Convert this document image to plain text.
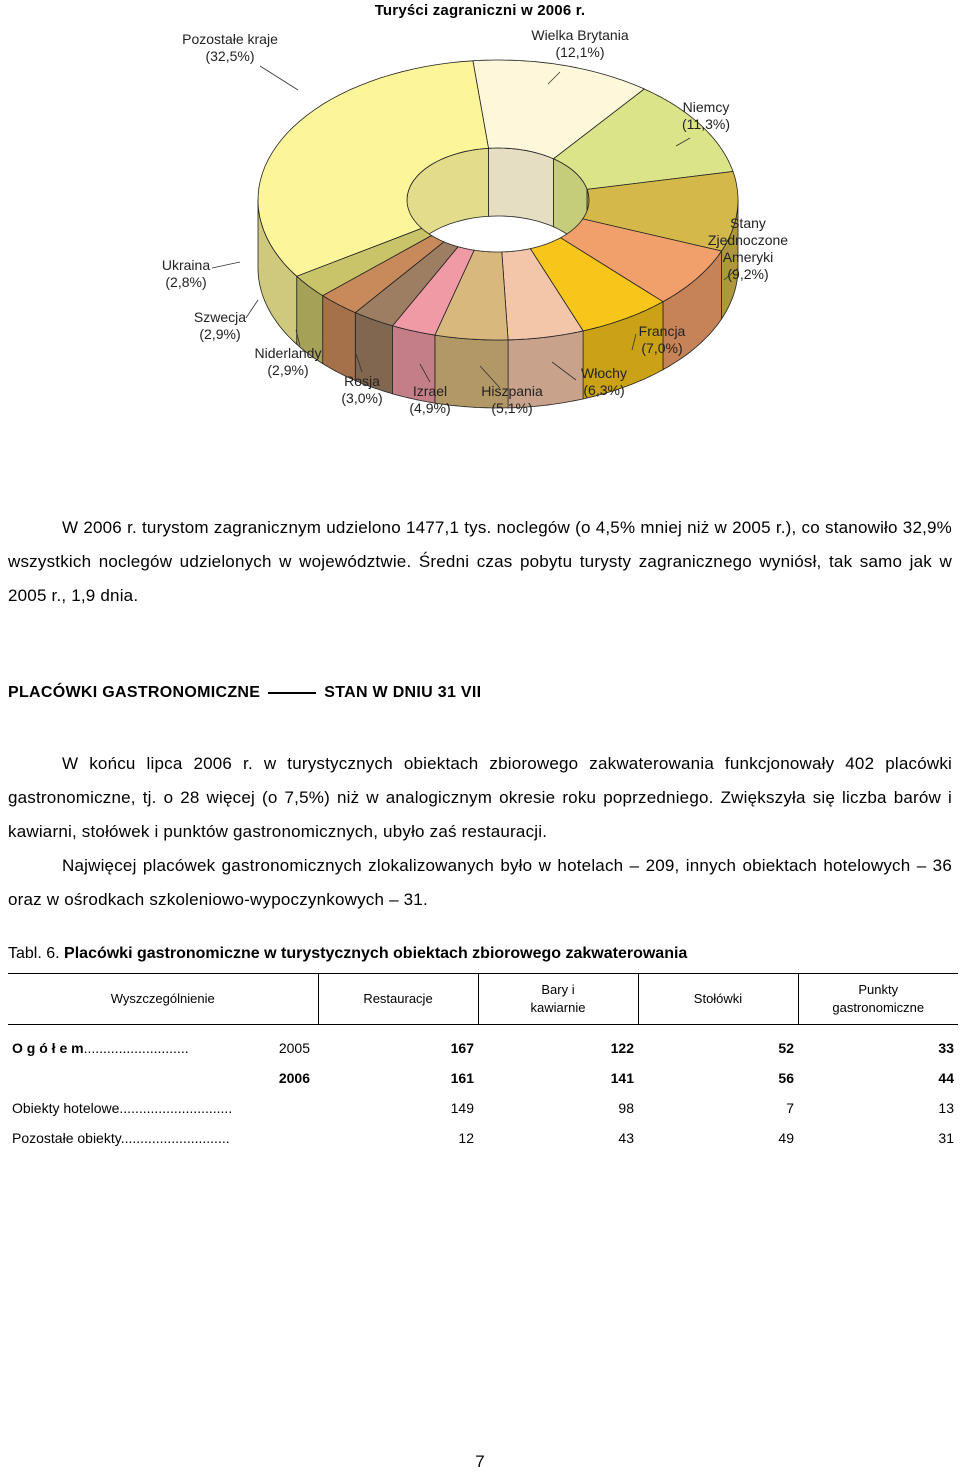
Turyści zagraniczni w 2006 r.
Wielka Brytania
(12,1%)
Niemcy
(11,3%)
Stany
Zjednoczone
Ameryki
(9,2%)
Francja
(7,0%)
Włochy
(6,3%)
Hiszpania
(5,1%)
Izrael
(4,9%)
Rosja
(3,0%)
Niderlandy
(2,9%)
Szwecja
(2,9%)
Ukraina
(2,8%)
Pozostałe kraje
(32,5%)

W 2006 r. turystom zagranicznym udzielono 1477,1 tys. noclegów (o 4,5% mniej niż w 2005 r.), co stanowiło 32,9% wszystkich noclegów udzielonych w województwie. Średni czas pobytu turysty zagranicznego wyniósł, tak samo jak w 2005 r., 1,9 dnia.

PLACÓWKI GASTRONOMICZNE	STAN W DNIU 31 VII

W końcu lipca 2006 r. w turystycznych obiektach zbiorowego zakwaterowania funkcjonowały 402 placówki gastronomiczne, tj. o 28 więcej (o 7,5%) niż w analogicznym okresie roku poprzedniego. Zwiększyła się liczba barów i kawiarni, stołówek i punktów gastronomicznych, ubyło zaś restauracji.

Najwięcej placówek gastronomicznych zlokalizowanych było w hotelach – 209, innych obiektach hotelowych – 36 oraz w ośrodkach szkoleniowo-wypoczynkowych – 31.

Tabl. 6. Placówki gastronomiczne w turystycznych obiektach zbiorowego zakwaterowania
Wyszczególnienie	Restauracje	Bary i kawiarnie	Stołówki	Punkty gastronomiczne
O g ó ł e m........................... 2005	167	122	52	33

2006	161	141	56	44
Obiekty hotelowe.............................	149	98	7	13
Pozostałe obiekty............................	12	43	49	31
7
